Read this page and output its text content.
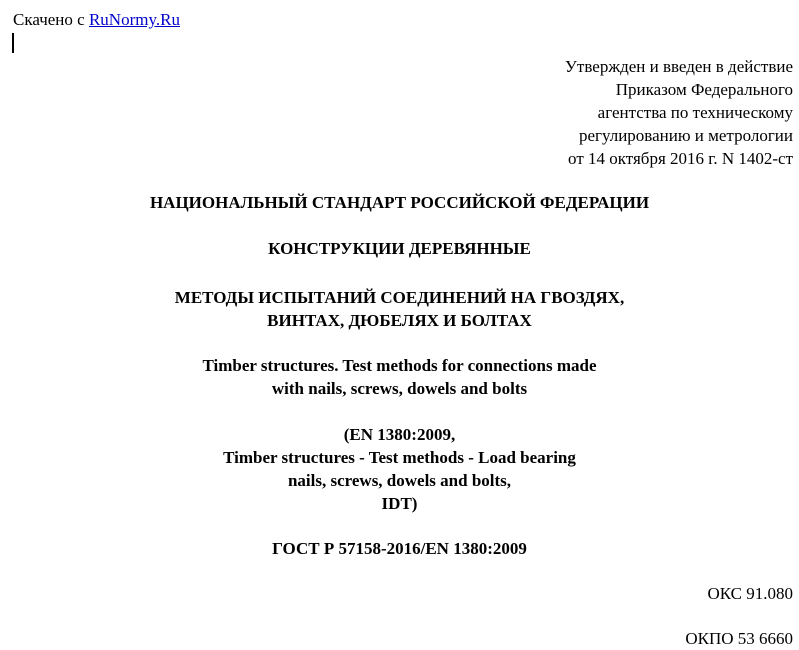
Скачено с RuNormy.Ru
Утвержден и введен в действие
Приказом Федерального
агентства по техническому
регулированию и метрологии
от 14 октября 2016 г. N 1402-ст
НАЦИОНАЛЬНЫЙ СТАНДАРТ РОССИЙСКОЙ ФЕДЕРАЦИИ
КОНСТРУКЦИИ ДЕРЕВЯННЫЕ
МЕТОДЫ ИСПЫТАНИЙ СОЕДИНЕНИЙ НА ГВОЗДЯХ,
ВИНТАХ, ДЮБЕЛЯХ И БОЛТАХ
Timber structures. Test methods for connections made
with nails, screws, dowels and bolts
(EN 1380:2009,
Timber structures - Test methods - Load bearing
nails, screws, dowels and bolts,
IDT)
ГОСТ Р 57158-2016/EN 1380:2009
ОКС 91.080
ОКПО 53 6660
